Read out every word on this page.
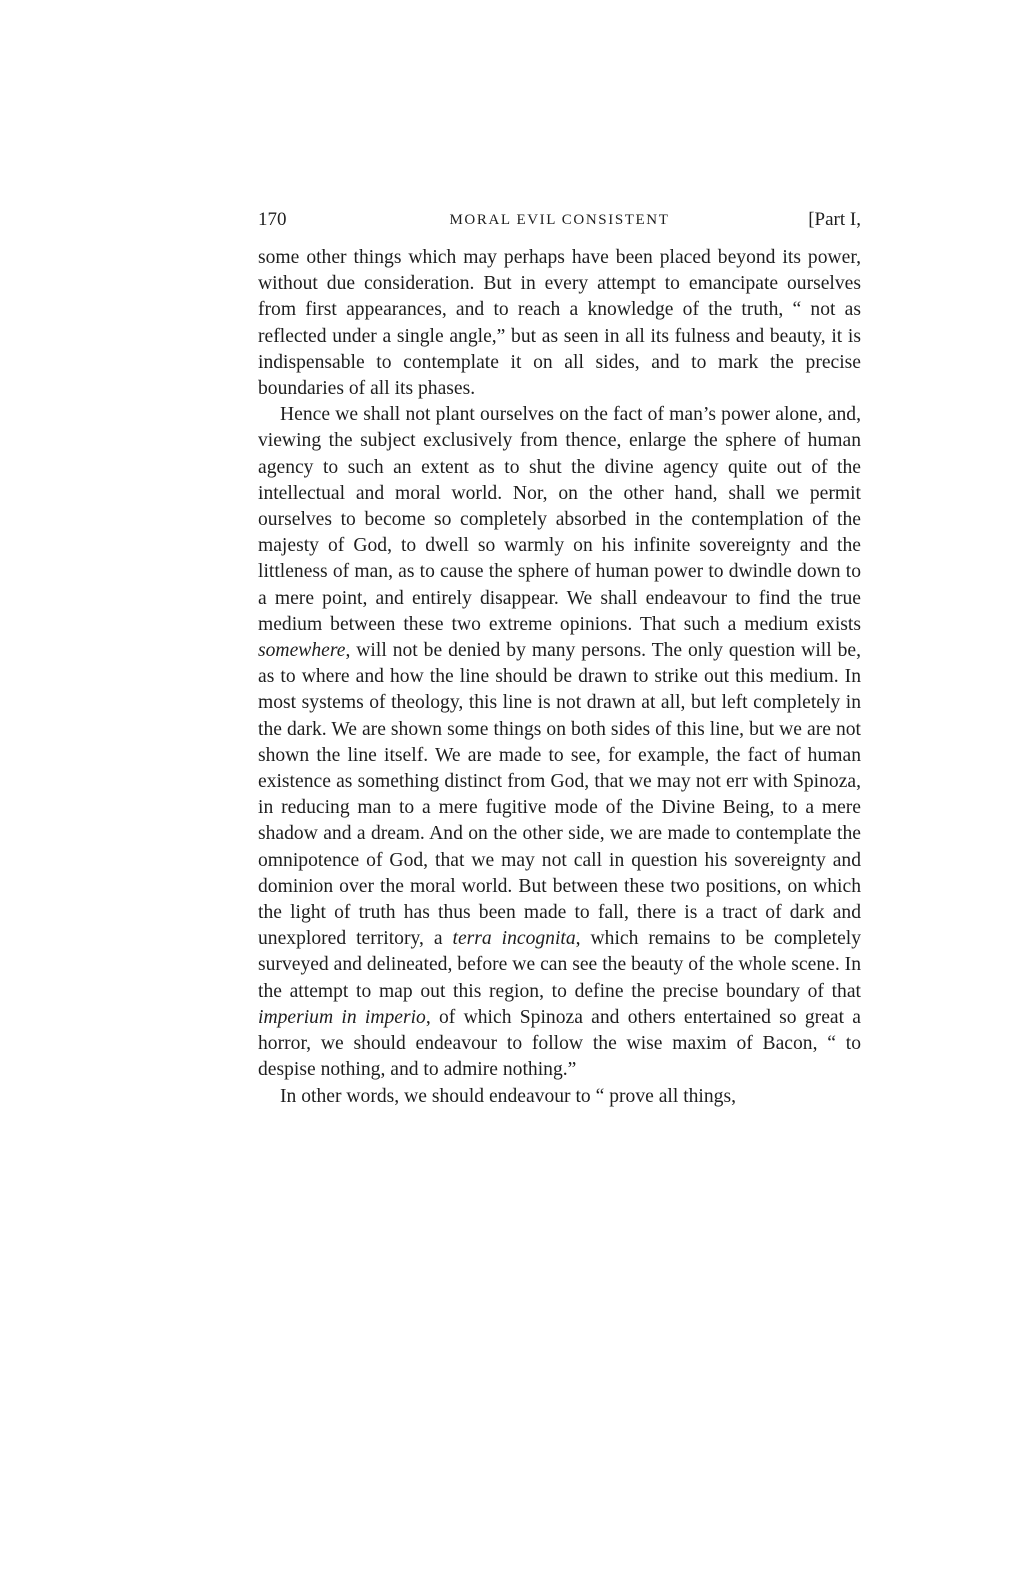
170	MORAL EVIL CONSISTENT	[Part I,

some other things which may perhaps have been placed beyond its power, without due consideration. But in every attempt to emancipate ourselves from first appearances, and to reach a knowledge of the truth, “ not as reflected under a single angle,” but as seen in all its fulness and beauty, it is indispensable to contemplate it on all sides, and to mark the precise boundaries of all its phases.

Hence we shall not plant ourselves on the fact of man’s power alone, and, viewing the subject exclusively from thence, enlarge the sphere of human agency to such an extent as to shut the divine agency quite out of the intellectual and moral world. Nor, on the other hand, shall we permit ourselves to become so completely absorbed in the contemplation of the majesty of God, to dwell so warmly on his infinite sovereignty and the littleness of man, as to cause the sphere of human power to dwindle down to a mere point, and entirely disappear. We shall endeavour to find the true medium between these two extreme opinions. That such a medium exists somewhere, will not be denied by many persons. The only question will be, as to where and how the line should be drawn to strike out this medium. In most systems of theology, this line is not drawn at all, but left completely in the dark. We are shown some things on both sides of this line, but we are not shown the line itself. We are made to see, for example, the fact of human existence as something distinct from God, that we may not err with Spinoza, in reducing man to a mere fugitive mode of the Divine Being, to a mere shadow and a dream. And on the other side, we are made to contemplate the omnipotence of God, that we may not call in question his sovereignty and dominion over the moral world. But between these two positions, on which the light of truth has thus been made to fall, there is a tract of dark and unexplored territory, a terra incognita, which remains to be completely surveyed and delineated, before we can see the beauty of the whole scene. In the attempt to map out this region, to define the precise boundary of that imperium in imperio, of which Spinoza and others entertained so great a horror, we should endeavour to follow the wise maxim of Bacon, “ to despise nothing, and to admire nothing.”

In other words, we should endeavour to “ prove all things,
